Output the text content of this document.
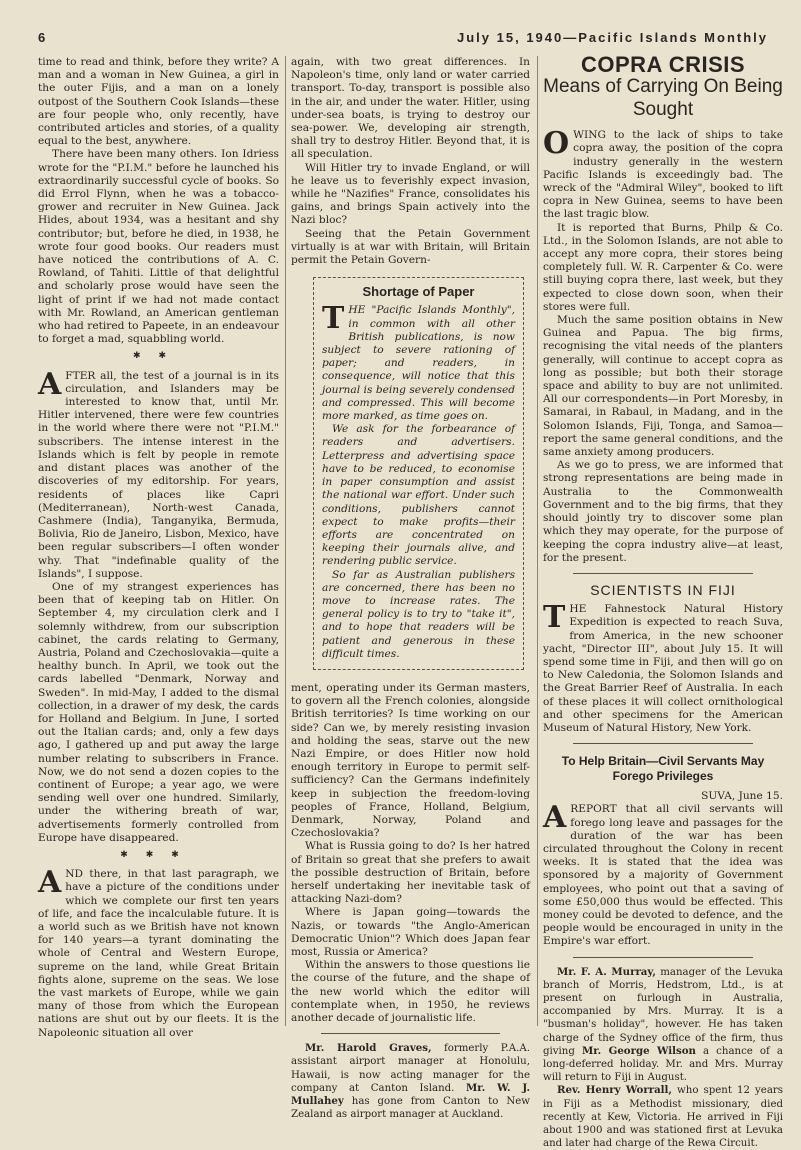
6	July 15, 1940—Pacific Islands Monthly

time to read and think, before they write? A man and a woman in New Guinea, a girl in the outer Fijis, and a man on a lonely outpost of the Southern Cook Islands—these are four people who, only recently, have contributed articles and stories, of a quality equal to the best, anywhere.

There have been many others. Ion Idriess wrote for the "P.I.M." before he launched his extraordinarily successful cycle of books. So did Errol Flynn, when he was a tobacco-grower and recruiter in New Guinea. Jack Hides, about 1934, was a hesitant and shy contributor; but, before he died, in 1938, he wrote four good books. Our readers must have noticed the contributions of A. C. Rowland, of Tahiti. Little of that delightful and scholarly prose would have seen the light of print if we had not made contact with Mr. Rowland, an American gentleman who had retired to Papeete, in an endeavour to forget a mad, squabbling world.

✱✱

AFTER all, the test of a journal is in its circulation, and Islanders may be interested to know that, until Mr. Hitler intervened, there were few countries in the world where there were not "P.I.M." subscribers. The intense interest in the Islands which is felt by people in remote and distant places was another of the discoveries of my editorship. For years, residents of places like Capri (Mediterranean), North-west Canada, Cashmere (India), Tanganyika, Bermuda, Bolivia, Rio de Janeiro, Lisbon, Mexico, have been regular subscribers—I often wonder why. That "indefinable quality of the Islands", I suppose.

One of my strangest experiences has been that of keeping tab on Hitler. On September 4, my circulation clerk and I solemnly withdrew, from our subscription cabinet, the cards relating to Germany, Austria, Poland and Czechoslovakia—quite a healthy bunch. In April, we took out the cards labelled "Denmark, Norway and Sweden". In mid-May, I added to the dismal collection, in a drawer of my desk, the cards for Holland and Belgium. In June, I sorted out the Italian cards; and, only a few days ago, I gathered up and put away the large number relating to subscribers in France. Now, we do not send a dozen copies to the continent of Europe; a year ago, we were sending well over one hundred. Similarly, under the withering breath of war, advertisements formerly controlled from Europe have disappeared.

✱✱✱

AND there, in that last paragraph, we have a picture of the conditions under which we complete our first ten years of life, and face the incalculable future. It is a world such as we British have not known for 140 years—a tyrant dominating the whole of Central and Western Europe, supreme on the land, while Great Britain fights alone, supreme on the seas. We lose the vast markets of Europe, while we gain many of those from which the European nations are shut out by our fleets. It is the Napoleonic situation all over

again, with two great differences. In Napoleon's time, only land or water carried transport. To-day, transport is possible also in the air, and under the water. Hitler, using under-sea boats, is trying to destroy our sea-power. We, developing air strength, shall try to destroy Hitler. Beyond that, it is all speculation.

Will Hitler try to invade England, or will he leave us to feverishly expect invasion, while he "Nazifies" France, consolidates his gains, and brings Spain actively into the Nazi bloc?

Seeing that the Petain Government virtually is at war with Britain, will Britain permit the Petain Govern-

Shortage of Paper

THE "Pacific Islands Monthly", in common with all other British publications, is now subject to severe rationing of paper; and readers, in consequence, will notice that this journal is being severely condensed and compressed. This will become more marked, as time goes on.

We ask for the forbearance of readers and advertisers. Letterpress and advertising space have to be reduced, to economise in paper consumption and assist the national war effort. Under such conditions, publishers cannot expect to make profits—their efforts are concentrated on keeping their journals alive, and rendering public service.

So far as Australian publishers are concerned, there has been no move to increase rates. The general policy is to try to "take it", and to hope that readers will be patient and generous in these difficult times.

ment, operating under its German masters, to govern all the French colonies, alongside British territories? Is time working on our side? Can we, by merely resisting invasion and holding the seas, starve out the new Nazi Empire, or does Hitler now hold enough territory in Europe to permit self-sufficiency? Can the Germans indefinitely keep in subjection the freedom-loving peoples of France, Holland, Belgium, Denmark, Norway, Poland and Czechoslovakia?

What is Russia going to do? Is her hatred of Britain so great that she prefers to await the possible destruction of Britain, before herself undertaking her inevitable task of attacking Nazi-dom?

Where is Japan going—towards the Nazis, or towards "the Anglo-American Democratic Union"? Which does Japan fear most, Russia or America?

Within the answers to those questions lie the course of the future, and the shape of the new world which the editor will contemplate when, in 1950, he reviews another decade of journalistic life.

Mr. Harold Graves, formerly P.A.A. assistant airport manager at Honolulu, Hawaii, is now acting manager for the company at Canton Island. Mr. W. J. Mullahey has gone from Canton to New Zealand as airport manager at Auckland.

COPRA CRISIS
Means of Carrying On Being Sought

OWING to the lack of ships to take copra away, the position of the copra industry generally in the western Pacific Islands is exceedingly bad. The wreck of the "Admiral Wiley", booked to lift copra in New Guinea, seems to have been the last tragic blow.

It is reported that Burns, Philp & Co. Ltd., in the Solomon Islands, are not able to accept any more copra, their stores being completely full. W. R. Carpenter & Co. were still buying copra there, last week, but they expected to close down soon, when their stores were full.

Much the same position obtains in New Guinea and Papua. The big firms, recognising the vital needs of the planters generally, will continue to accept copra as long as possible; but both their storage space and ability to buy are not unlimited. All our correspondents—in Port Moresby, in Samarai, in Rabaul, in Madang, and in the Solomon Islands, Fiji, Tonga, and Samoa—report the same general conditions, and the same anxiety among producers.

As we go to press, we are informed that strong representations are being made in Australia to the Commonwealth Government and to the big firms, that they should jointly try to discover some plan which they may operate, for the purpose of keeping the copra industry alive—at least, for the present.

SCIENTISTS IN FIJI

THE Fahnestock Natural History Expedition is expected to reach Suva, from America, in the new schooner yacht, "Director III", about July 15. It will spend some time in Fiji, and then will go on to New Caledonia, the Solomon Islands and the Great Barrier Reef of Australia. In each of these places it will collect ornithological and other specimens for the American Museum of Natural History, New York.

To Help Britain—Civil Servants May Forego Privileges

SUVA, June 15.

AREPORT that all civil servants will forego long leave and passages for the duration of the war has been circulated throughout the Colony in recent weeks. It is stated that the idea was sponsored by a majority of Government employees, who point out that a saving of some £50,000 thus would be effected. This money could be devoted to defence, and the people would be encouraged in unity in the Empire's war effort.

Mr. F. A. Murray, manager of the Levuka branch of Morris, Hedstrom, Ltd., is at present on furlough in Australia, accompanied by Mrs. Murray. It is a "busman's holiday", however. He has taken charge of the Sydney office of the firm, thus giving Mr. George Wilson a chance of a long-deferred holiday. Mr. and Mrs. Murray will return to Fiji in August.

Rev. Henry Worrall, who spent 12 years in Fiji as a Methodist missionary, died recently at Kew, Victoria. He arrived in Fiji about 1900 and was stationed first at Levuka and later had charge of the Rewa Circuit.
